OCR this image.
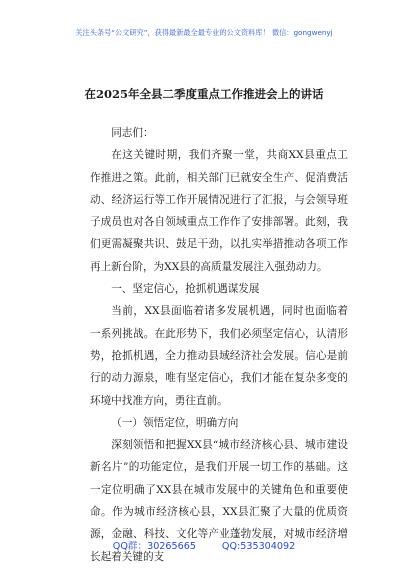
关注头条号“公文研究”，获得最新最全最专业的公文资料库！ 微信：gongwenyj
在2025年全县二季度重点工作推进会上的讲话

同志们：

在这关键时期，我们齐聚一堂，共商XX县重点工作推进之策。此前，相关部门已就安全生产、促消费活动、经济运行等工作开展情况进行了汇报，与会领导班子成员也对各自领域重点工作作了安排部署。此刻，我们更需凝聚共识、鼓足干劲，以扎实举措推动各项工作再上新台阶，为XX县的高质量发展注入强劲动力。

一、坚定信心，抢抓机遇谋发展

当前，XX县面临着诸多发展机遇，同时也面临着一系列挑战。在此形势下，我们必须坚定信心，认清形势，抢抓机遇，全力推动县域经济社会发展。信心是前行的动力源泉，唯有坚定信心，我们才能在复杂多变的环境中找准方向，勇往直前。

（一）领悟定位，明确方向

深刻领悟和把握XX县“城市经济核心县、城市建设新名片”的功能定位，是我们开展一切工作的基础。这一定位明确了XX县在城市发展中的关键角色和重要使命。作为城市经济核心县，XX县汇聚了大量的优质资源，金融、科技、文化等产业蓬勃发展，对城市经济增长起着关键的支

QQ群：30265665	QQ:535304092
